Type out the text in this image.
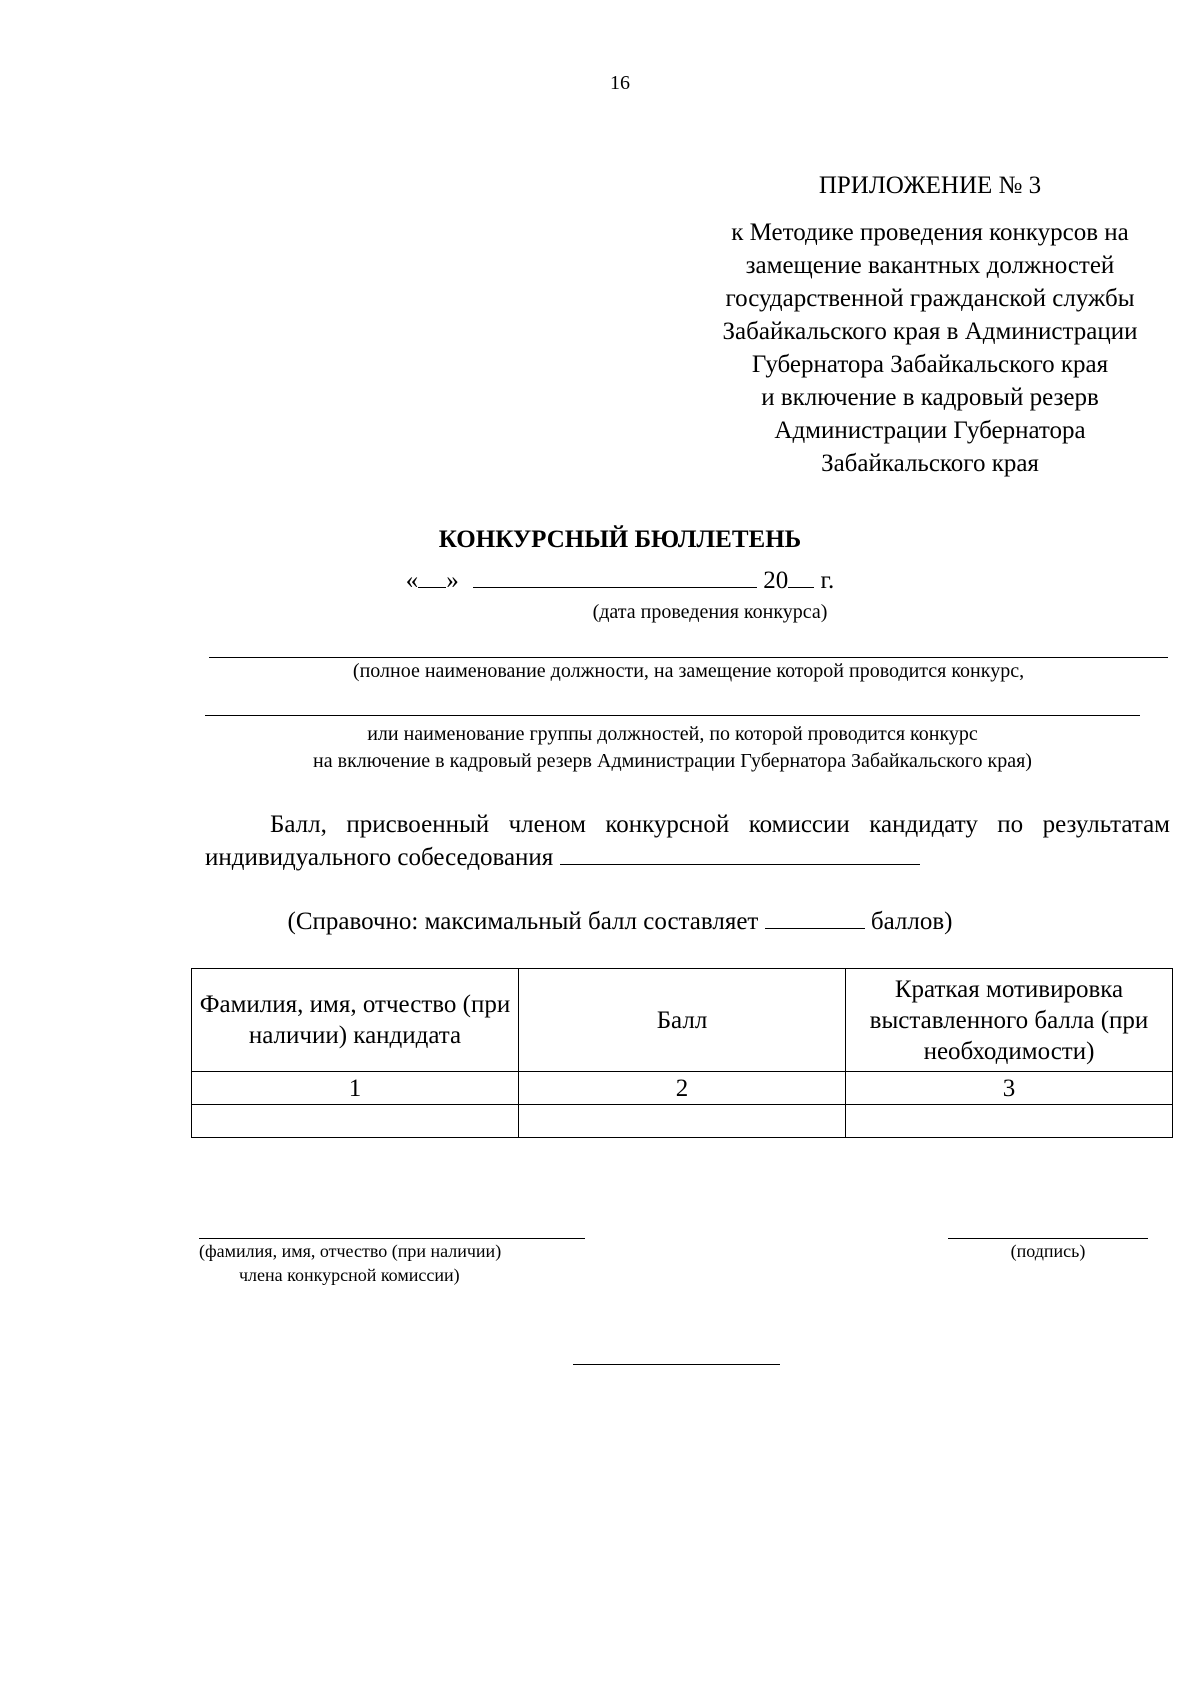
16
ПРИЛОЖЕНИЕ № 3
к Методике проведения конкурсов на
замещение вакантных должностей
государственной гражданской службы
Забайкальского края в Администрации
Губернатора Забайкальского края
и включение в кадровый резерв
Администрации Губернатора
Забайкальского края
КОНКУРСНЫЙ БЮЛЛЕТЕНЬ
« »	20 г.
(дата проведения конкурса)
(полное наименование должности, на замещение которой проводится конкурс,
или наименование группы должностей, по которой проводится конкурс
на включение в кадровый резерв Администрации Губернатора Забайкальского края)
Балл, присвоенный членом конкурсной комиссии кандидату по результатам индивидуального собеседования
(Справочно: максимальный балл составляет	баллов)
Фамилия, имя, отчество (при наличии) кандидата	Балл	Краткая мотивировка выставленного балла (при необходимости)
1	2	3

(фамилия, имя, отчество (при наличии)
члена конкурсной комиссии)
(подпись)
